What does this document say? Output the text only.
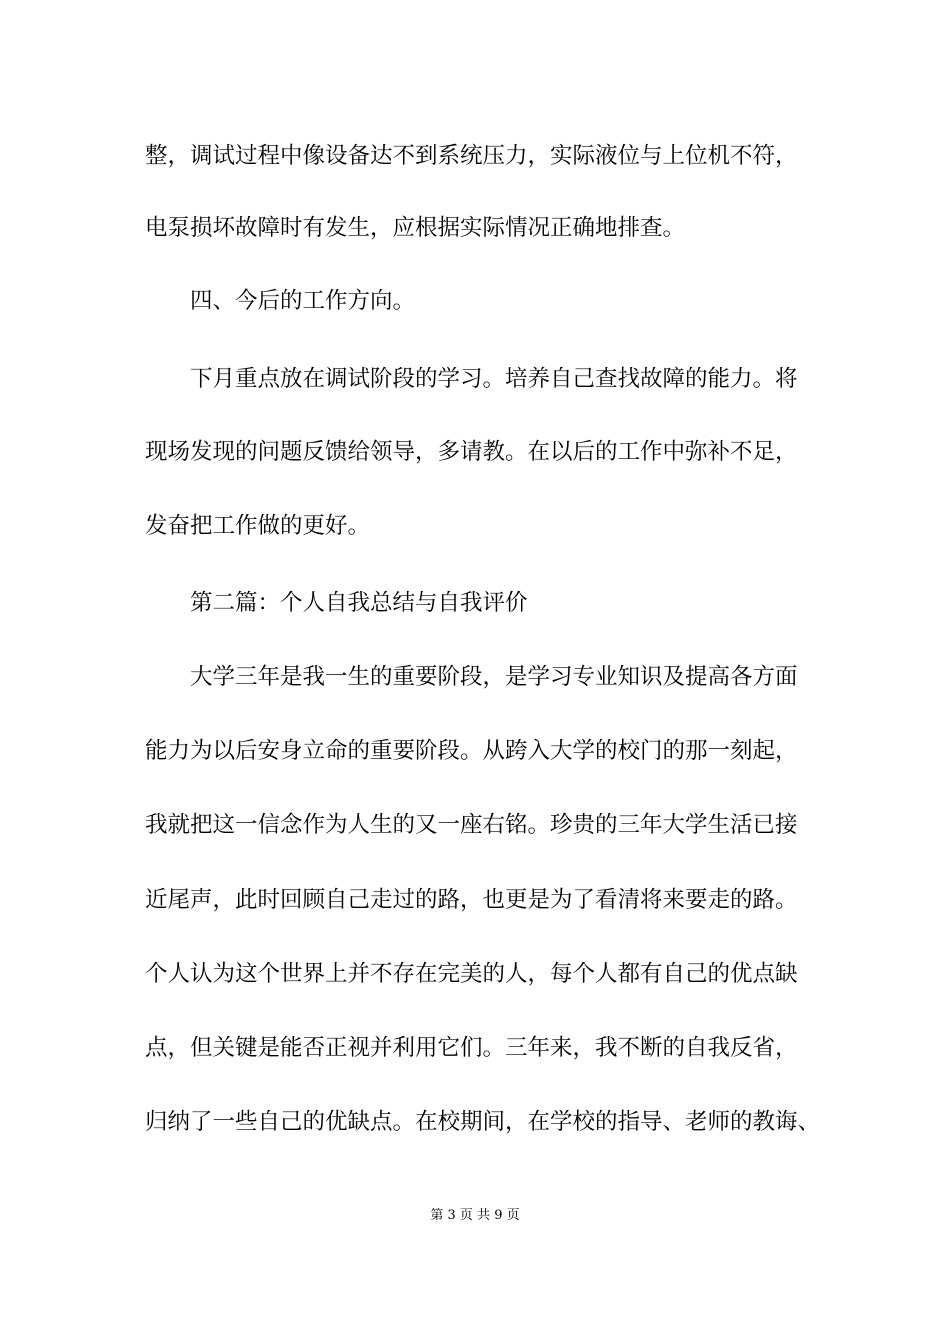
整，调试过程中像设备达不到系统压力，实际液位与上位机不符，
电泵损坏故障时有发生，应根据实际情况正确地排查。
四、今后的工作方向。
下月重点放在调试阶段的学习。培养自己查找故障的能力。将
现场发现的问题反馈给领导，多请教。在以后的工作中弥补不足，
发奋把工作做的更好。
第二篇：个人自我总结与自我评价
大学三年是我一生的重要阶段，是学习专业知识及提高各方面
能力为以后安身立命的重要阶段。从跨入大学的校门的那一刻起，
我就把这一信念作为人生的又一座右铭。珍贵的三年大学生活已接
近尾声，此时回顾自己走过的路，也更是为了看清将来要走的路。
个人认为这个世界上并不存在完美的人，每个人都有自己的优点缺
点，但关键是能否正视并利用它们。三年来，我不断的自我反省，
归纳了一些自己的优缺点。在校期间，在学校的指导、老师的教诲、
第 3 页 共 9 页
